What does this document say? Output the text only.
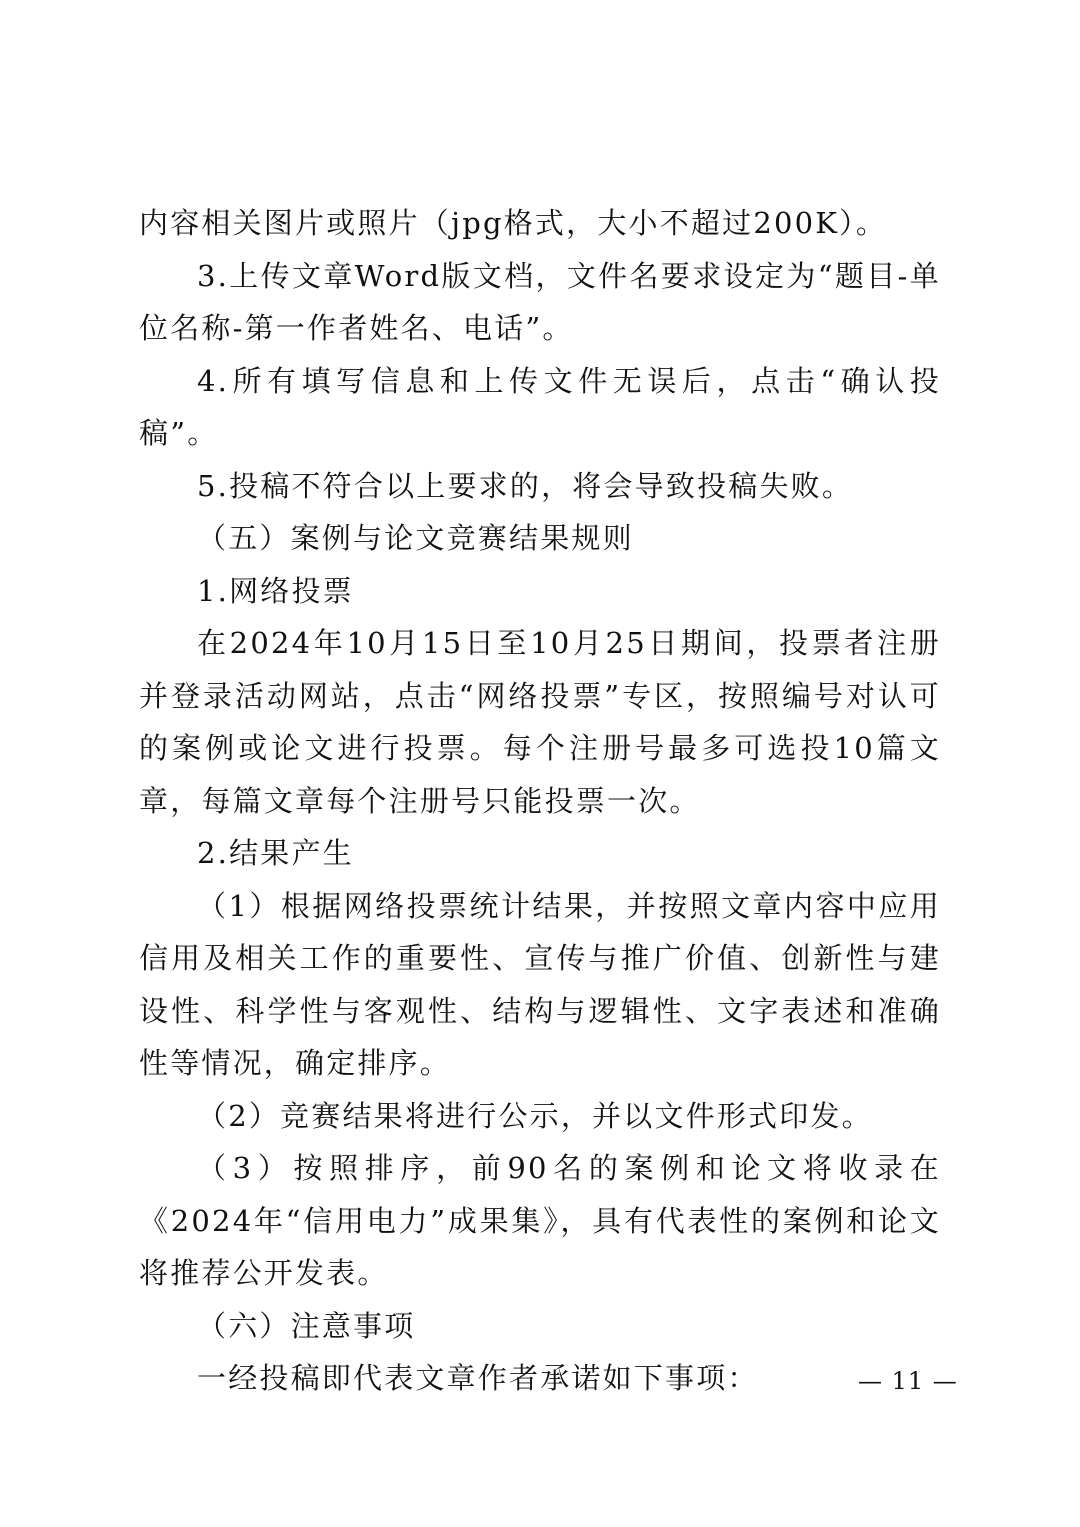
内容相关图片或照片（jpg格式，大小不超过200K）。

3.上传文章Word版文档，文件名要求设定为“题目-单位名称-第一作者姓名、电话”。

4.所有填写信息和上传文件无误后，点击“确认投稿”。

5.投稿不符合以上要求的，将会导致投稿失败。

（五）案例与论文竞赛结果规则

1.网络投票

在2024年10月15日至10月25日期间，投票者注册并登录活动网站，点击“网络投票”专区，按照编号对认可的案例或论文进行投票。每个注册号最多可选投10篇文章，每篇文章每个注册号只能投票一次。

2.结果产生

（1）根据网络投票统计结果，并按照文章内容中应用信用及相关工作的重要性、宣传与推广价值、创新性与建设性、科学性与客观性、结构与逻辑性、文字表述和准确性等情况，确定排序。

（2）竞赛结果将进行公示，并以文件形式印发。

（3）按照排序，前90名的案例和论文将收录在《2024年“信用电力”成果集》，具有代表性的案例和论文将推荐公开发表。

（六）注意事项

一经投稿即代表文章作者承诺如下事项：	— 11 —
